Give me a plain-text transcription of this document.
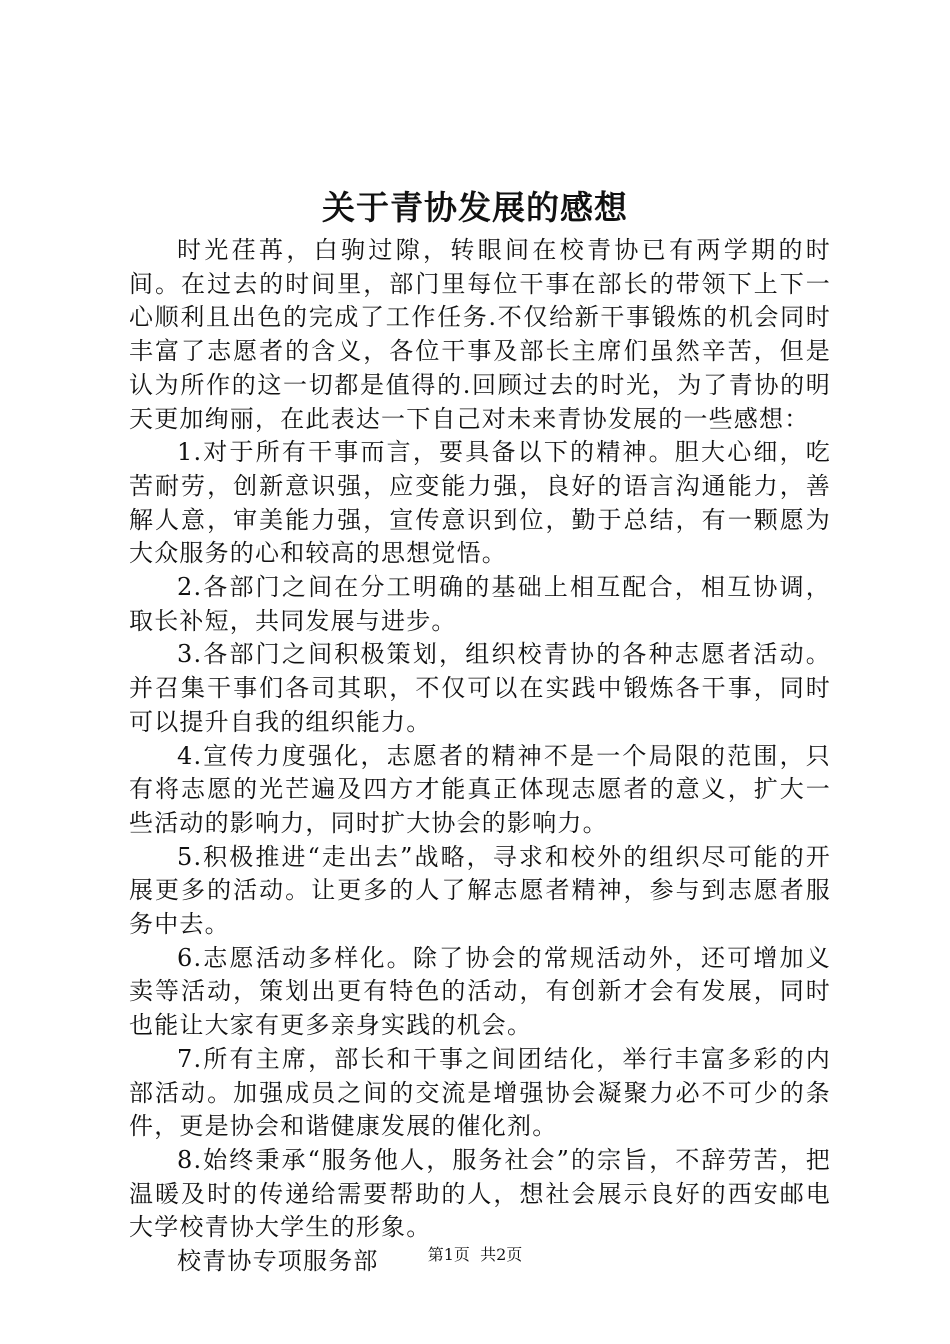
关于青协发展的感想

时光荏苒，白驹过隙，转眼间在校青协已有两学期的时间。在过去的时间里，部门里每位干事在部长的带领下上下一心顺利且出色的完成了工作任务.不仅给新干事锻炼的机会同时丰富了志愿者的含义，各位干事及部长主席们虽然辛苦，但是认为所作的这一切都是值得的.回顾过去的时光，为了青协的明天更加绚丽，在此表达一下自己对未来青协发展的一些感想：

1.对于所有干事而言，要具备以下的精神。胆大心细，吃苦耐劳，创新意识强，应变能力强，良好的语言沟通能力，善解人意，审美能力强，宣传意识到位，勤于总结，有一颗愿为大众服务的心和较高的思想觉悟。

2.各部门之间在分工明确的基础上相互配合，相互协调，取长补短，共同发展与进步。

3.各部门之间积极策划，组织校青协的各种志愿者活动。并召集干事们各司其职，不仅可以在实践中锻炼各干事，同时可以提升自我的组织能力。

4.宣传力度强化，志愿者的精神不是一个局限的范围，只有将志愿的光芒遍及四方才能真正体现志愿者的意义，扩大一些活动的影响力，同时扩大协会的影响力。

5.积极推进“走出去”战略，寻求和校外的组织尽可能的开展更多的活动。让更多的人了解志愿者精神，参与到志愿者服务中去。

6.志愿活动多样化。除了协会的常规活动外，还可增加义卖等活动，策划出更有特色的活动，有创新才会有发展，同时也能让大家有更多亲身实践的机会。

7.所有主席，部长和干事之间团结化，举行丰富多彩的内部活动。加强成员之间的交流是增强协会凝聚力必不可少的条件，更是协会和谐健康发展的催化剂。

8.始终秉承“服务他人，服务社会”的宗旨，不辞劳苦，把温暖及时的传递给需要帮助的人，想社会展示良好的西安邮电大学校青协大学生的形象。

校青协专项服务部	第1页  共2页
